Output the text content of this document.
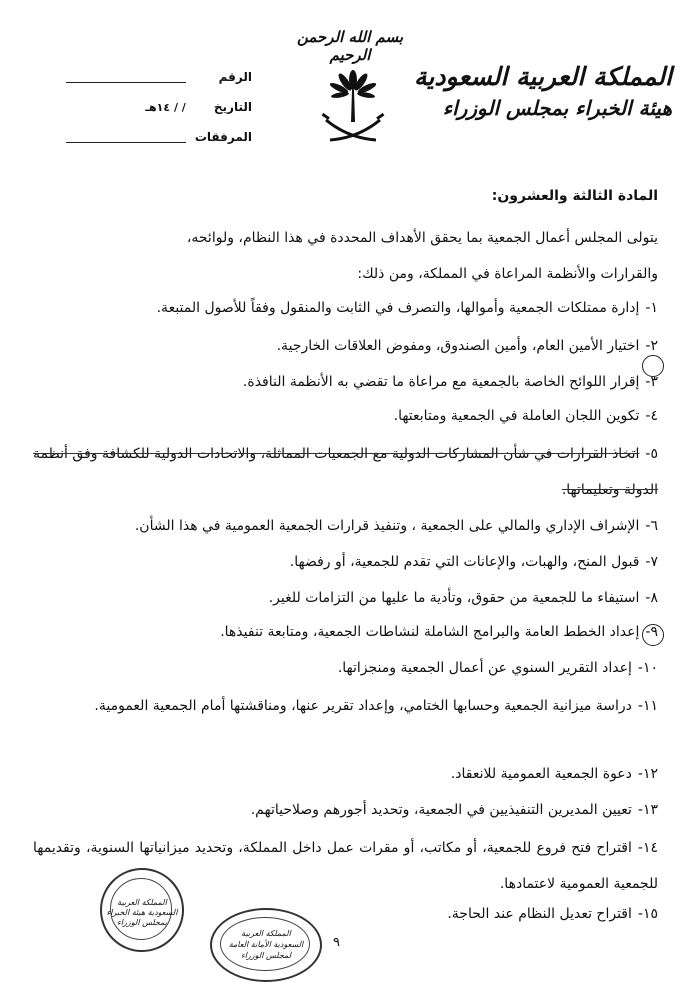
بسم الله الرحمن الرحيم
المملكة العربية السعودية
هيئة الخبراء بمجلس الوزراء
الرقم
التاريخ / / ١٤هـ
المرفقات
المادة الثالثة والعشرون:
يتولى المجلس أعمال الجمعية بما يحقق الأهداف المحددة في هذا النظام، ولوائحه،
والقرارات والأنظمة المراعاة في المملكة، ومن ذلك:
١-إدارة ممتلكات الجمعية وأموالها، والتصرف في الثابت والمنقول وفقاً للأصول المتبعة.
٢-اختيار الأمين العام، وأمين الصندوق، ومفوض العلاقات الخارجية.
٣-إقرار اللوائح الخاصة بالجمعية مع مراعاة ما تقضي به الأنظمة النافذة.
٤-تكوين اللجان العاملة في الجمعية ومتابعتها.
٥-اتخاذ القرارات في شأن المشاركات الدولية مع الجمعيات المماثلة، والاتحادات الدولية للكشافة وفق أنظمة الدولة وتعليماتها.
٦-الإشراف الإداري والمالي على الجمعية ، وتنفيذ قرارات الجمعية العمومية في هذا الشأن.
٧-قبول المنح، والهبات، والإعانات التي تقدم للجمعية، أو رفضها.
٨-استيفاء ما للجمعية من حقوق، وتأدية ما عليها من التزامات للغير.
٩-إعداد الخطط العامة والبرامج الشاملة لنشاطات الجمعية، ومتابعة تنفيذها.
١٠-إعداد التقرير السنوي عن أعمال الجمعية ومنجزاتها.
١١-دراسة ميزانية الجمعية وحسابها الختامي، وإعداد تقرير عنها، ومناقشتها أمام الجمعية العمومية.
١٢-دعوة الجمعية العمومية للانعقاد.
١٣-تعيين المديرين التنفيذيين في الجمعية، وتحديد أجورهم وصلاحياتهم.
١٤-اقتراح فتح فروع للجمعية، أو مكاتب، أو مقرات عمل داخل المملكة، وتحديد ميزانياتها السنوية، وتقديمها للجمعية العمومية لاعتمادها.
١٥-اقتراح تعديل النظام عند الحاجة.
٩
المملكة العربية السعودية هيئة الخبراء بمجلس الوزراء
المملكة العربية السعودية الأمانة العامة لمجلس الوزراء
